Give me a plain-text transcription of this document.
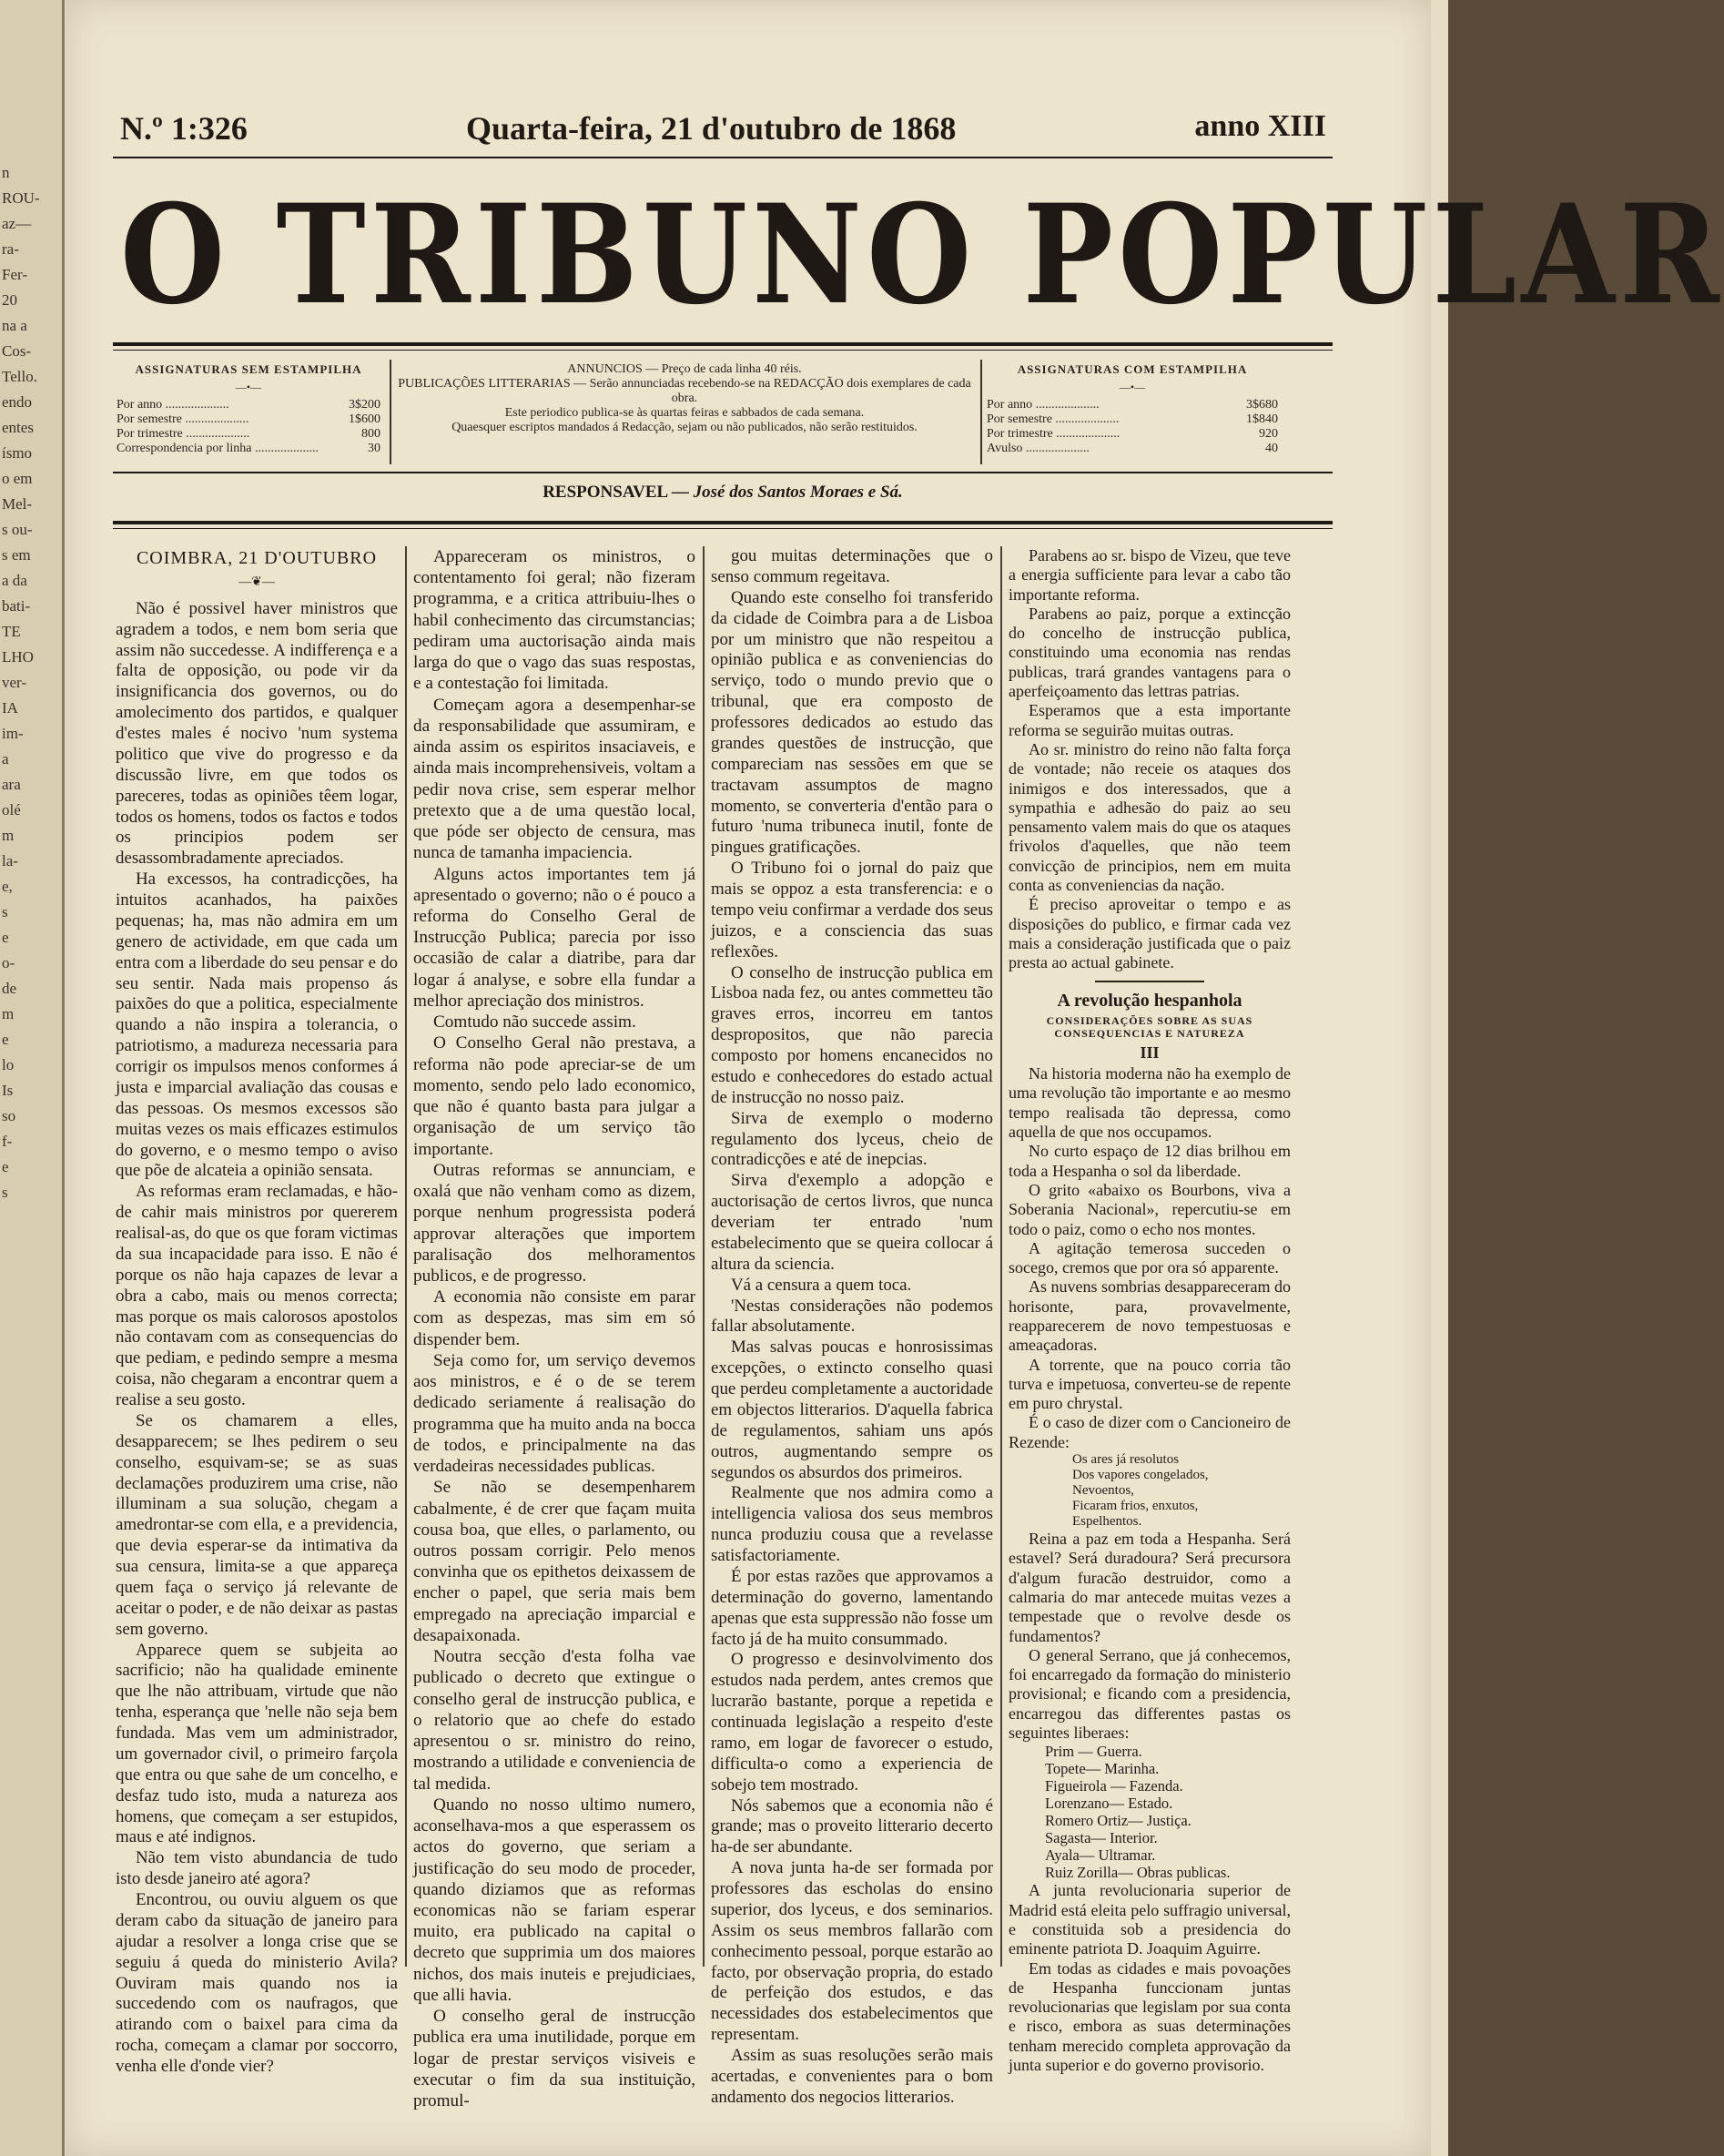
n
ROU-
az—
ra-
Fer-
20
na a
Cos-
Tello.
endo
entes
ísmo
o em
Mel-
s ou-
s em
a da
bati-
TE
LHO
ver-
IA
im-
a
ara
olé
m
la-
e,
s
e
o-
de
m
e
lo
Is
so
f-
e
s
N.º 1:326	Quarta-feira, 21 d'outubro de 1868	anno XIII
O TRIBUNO POPULAR
ASSIGNATURAS SEM ESTAMPILHA
—•—
Por anno ....................	3$200
Por semestre ....................	1$600
Por trimestre ....................	800
Correspondencia por linha ....................	30
ANNUNCIOS — Preço de cada linha 40 réis.
PUBLICAÇÕES LITTERARIAS — Serão annunciadas recebendo-se na REDACÇÃO dois exemplares de cada obra.
Este periodico publica-se às quartas feiras e sabbados de cada semana.
Quaesquer escriptos mandados á Redacção, sejam ou não publicados, não serão restituidos.
ASSIGNATURAS COM ESTAMPILHA
—•—
Por anno ....................	3$680
Por semestre ....................	1$840
Por trimestre ....................	920
Avulso ....................	40
RESPONSAVEL — José dos Santos Moraes e Sá.
COIMBRA, 21 D'OUTUBRO
—❦—

Não é possivel haver ministros que agradem a todos, e nem bom seria que assim não succedesse. A indifferença e a falta de opposição, ou pode vir da insignificancia dos governos, ou do amolecimento dos partidos, e qualquer d'estes males é nocivo 'num systema politico que vive do progresso e da discussão livre, em que todos os pareceres, todas as opiniões têem logar, todos os homens, todos os factos e todos os principios podem ser desassombradamente apreciados.

Ha excessos, ha contradicções, ha intuitos acanhados, ha paixões pequenas; ha, mas não admira em um genero de actividade, em que cada um entra com a liberdade do seu pensar e do seu sentir. Nada mais propenso ás paixões do que a politica, especialmente quando a não inspira a tolerancia, o patriotismo, a madureza necessaria para corrigir os impulsos menos conformes á justa e imparcial avaliação das cousas e das pessoas. Os mesmos excessos são muitas vezes os mais efficazes estimulos do governo, e o mesmo tempo o aviso que põe de alcateia a opinião sensata.

As reformas eram reclamadas, e hão-de cahir mais ministros por quererem realisal-as, do que os que foram victimas da sua incapacidade para isso. E não é porque os não haja capazes de levar a obra a cabo, mais ou menos correcta; mas porque os mais calorosos apostolos não contavam com as consequencias do que pediam, e pedindo sempre a mesma coisa, não chegaram a encontrar quem a realise a seu gosto.

Se os chamarem a elles, desapparecem; se lhes pedirem o seu conselho, esquivam-se; se as suas declamações produzirem uma crise, não illuminam a sua solução, chegam a amedrontar-se com ella, e a previdencia, que devia esperar-se da intimativa da sua censura, limita-se a que appareça quem faça o serviço já relevante de aceitar o poder, e de não deixar as pastas sem governo.

Apparece quem se subjeita ao sacrificio; não ha qualidade eminente que lhe não attribuam, virtude que não tenha, esperança que 'nelle não seja bem fundada. Mas vem um administrador, um governador civil, o primeiro farçola que entra ou que sahe de um concelho, e desfaz tudo isto, muda a natureza aos homens, que começam a ser estupidos, maus e até indignos.

Não tem visto abundancia de tudo isto desde janeiro até agora?

Encontrou, ou ouviu alguem os que deram cabo da situação de janeiro para ajudar a resolver a longa crise que se seguiu á queda do ministerio Avila? Ouviram mais quando nos ia succedendo com os naufragos, que atirando com o baixel para cima da rocha, começam a clamar por soccorro, venha elle d'onde vier?

Appareceram os ministros, o contentamento foi geral; não fizeram programma, e a critica attribuiu-lhes o habil conhecimento das circumstancias; pediram uma auctorisação ainda mais larga do que o vago das suas respostas, e a contestação foi limitada.

Começam agora a desempenhar-se da responsabilidade que assumiram, e ainda assim os espiritos insaciaveis, e ainda mais incomprehensiveis, voltam a pedir nova crise, sem esperar melhor pretexto que a de uma questão local, que póde ser objecto de censura, mas nunca de tamanha impaciencia.

Alguns actos importantes tem já apresentado o governo; não o é pouco a reforma do Conselho Geral de Instrucção Publica; parecia por isso occasião de calar a diatribe, para dar logar á analyse, e sobre ella fundar a melhor apreciação dos ministros.

Comtudo não succede assim.

O Conselho Geral não prestava, a reforma não pode apreciar-se de um momento, sendo pelo lado economico, que não é quanto basta para julgar a organisação de um serviço tão importante.

Outras reformas se annunciam, e oxalá que não venham como as dizem, porque nenhum progressista poderá approvar alterações que importem paralisação dos melhoramentos publicos, e de progresso.

A economia não consiste em parar com as despezas, mas sim em só dispender bem.

Seja como for, um serviço devemos aos ministros, e é o de se terem dedicado seriamente á realisação do programma que ha muito anda na bocca de todos, e principalmente na das verdadeiras necessidades publicas.

Se não se desempenharem cabalmente, é de crer que façam muita cousa boa, que elles, o parlamento, ou outros possam corrigir. Pelo menos convinha que os epithetos deixassem de encher o papel, que seria mais bem empregado na apreciação imparcial e desapaixonada.

Noutra secção d'esta folha vae publicado o decreto que extingue o conselho geral de instrucção publica, e o relatorio que ao chefe do estado apresentou o sr. ministro do reino, mostrando a utilidade e conveniencia de tal medida.

Quando no nosso ultimo numero, aconselhava-mos a que esperassem os actos do governo, que seriam a justificação do seu modo de proceder, quando diziamos que as reformas economicas não se fariam esperar muito, era publicado na capital o decreto que supprimia um dos maiores nichos, dos mais inuteis e prejudiciaes, que alli havia.

O conselho geral de instrucção publica era uma inutilidade, porque em logar de prestar serviços visiveis e executar o fim da sua instituição, promul-

gou muitas determinações que o senso commum regeitava.

Quando este conselho foi transferido da cidade de Coimbra para a de Lisboa por um ministro que não respeitou a opinião publica e as conveniencias do serviço, todo o mundo previo que o tribunal, que era composto de professores dedicados ao estudo das grandes questões de instrucção, que compareciam nas sessões em que se tractavam assumptos de magno momento, se converteria d'então para o futuro 'numa tribuneca inutil, fonte de pingues gratificações.

O Tribuno foi o jornal do paiz que mais se oppoz a esta transferencia: e o tempo veiu confirmar a verdade dos seus juizos, e a consciencia das suas reflexões.

O conselho de instrucção publica em Lisboa nada fez, ou antes commetteu tão graves erros, incorreu em tantos despropositos, que não parecia composto por homens encanecidos no estudo e conhecedores do estado actual de instrucção no nosso paiz.

Sirva de exemplo o moderno regulamento dos lyceus, cheio de contradicções e até de inepcias.

Sirva d'exemplo a adopção e auctorisação de certos livros, que nunca deveriam ter entrado 'num estabelecimento que se queira collocar á altura da sciencia.

Vá a censura a quem toca.

'Nestas considerações não podemos fallar absolutamente.

Mas salvas poucas e honrosissimas excepções, o extincto conselho quasi que perdeu completamente a auctoridade em objectos litterarios. D'aquella fabrica de regulamentos, sahiam uns após outros, augmentando sempre os segundos os absurdos dos primeiros.

Realmente que nos admira como a intelligencia valiosa dos seus membros nunca produziu cousa que a revelasse satisfactoriamente.

É por estas razões que approvamos a determinação do governo, lamentando apenas que esta suppressão não fosse um facto já de ha muito consummado.

O progresso e desinvolvimento dos estudos nada perdem, antes cremos que lucrarão bastante, porque a repetida e continuada legislação a respeito d'este ramo, em logar de favorecer o estudo, difficulta-o como a experiencia de sobejo tem mostrado.

Nós sabemos que a economia não é grande; mas o proveito litterario decerto ha-de ser abundante.

A nova junta ha-de ser formada por professores das escholas do ensino superior, dos lyceus, e dos seminarios. Assim os seus membros fallarão com conhecimento pessoal, porque estarão ao facto, por observação propria, do estado de perfeição dos estudos, e das necessidades dos estabelecimentos que representam.

Assim as suas resoluções serão mais acertadas, e convenientes para o bom andamento dos negocios litterarios.

Parabens ao sr. bispo de Vizeu, que teve a energia sufficiente para levar a cabo tão importante reforma.

Parabens ao paiz, porque a extincção do concelho de instrucção publica, constituindo uma economia nas rendas publicas, trará grandes vantagens para o aperfeiçoamento das lettras patrias.

Esperamos que a esta importante reforma se seguirão muitas outras.

Ao sr. ministro do reino não falta força de vontade; não receie os ataques dos inimigos e dos interessados, que a sympathia e adhesão do paiz ao seu pensamento valem mais do que os ataques frivolos d'aquelles, que não teem convicção de principios, nem em muita conta as conveniencias da nação.

É preciso aproveitar o tempo e as disposições do publico, e firmar cada vez mais a consideração justificada que o paiz presta ao actual gabinete.

A revolução hespanhola
CONSIDERAÇÕES SOBRE AS SUAS CONSEQUENCIAS E NATUREZA
III

Na historia moderna não ha exemplo de uma revolução tão importante e ao mesmo tempo realisada tão depressa, como aquella de que nos occupamos.

No curto espaço de 12 dias brilhou em toda a Hespanha o sol da liberdade.

O grito «abaixo os Bourbons, viva a Soberania Nacional», repercutiu-se em todo o paiz, como o echo nos montes.

A agitação temerosa succeden o socego, cremos que por ora só apparente.

As nuvens sombrias desappareceram do horisonte, para, provavelmente, reapparecerem de novo tempestuosas e ameaçadoras.

A torrente, que na pouco corria tão turva e impetuosa, converteu-se de repente em puro chrystal.

É o caso de dizer com o Cancioneiro de Rezende:

Os ares já resolutos
Dos vapores congelados,
Nevoentos,
Ficaram frios, enxutos,
Espelhentos.

Reina a paz em toda a Hespanha. Será estavel? Será duradoura? Será precursora d'algum furacão destruidor, como a calmaria do mar antecede muitas vezes a tempestade que o revolve desde os fundamentos?

O general Serrano, que já conhecemos, foi encarregado da formação do ministerio provisional; e ficando com a presidencia, encarregou das differentes pastas os seguintes liberaes:

Prim — Guerra.
Topete— Marinha.
Figueirola — Fazenda.
Lorenzano— Estado.
Romero Ortiz— Justiça.
Sagasta— Interior.
Ayala— Ultramar.
Ruiz Zorilla— Obras publicas.

A junta revolucionaria superior de Madrid está eleita pelo suffragio universal, e constituida sob a presidencia do eminente patriota D. Joaquim Aguirre.

Em todas as cidades e mais povoações de Hespanha funccionam juntas revolucionarias que legislam por sua conta e risco, embora as suas determinações tenham merecido completa approvação da junta superior e do governo provisorio.
